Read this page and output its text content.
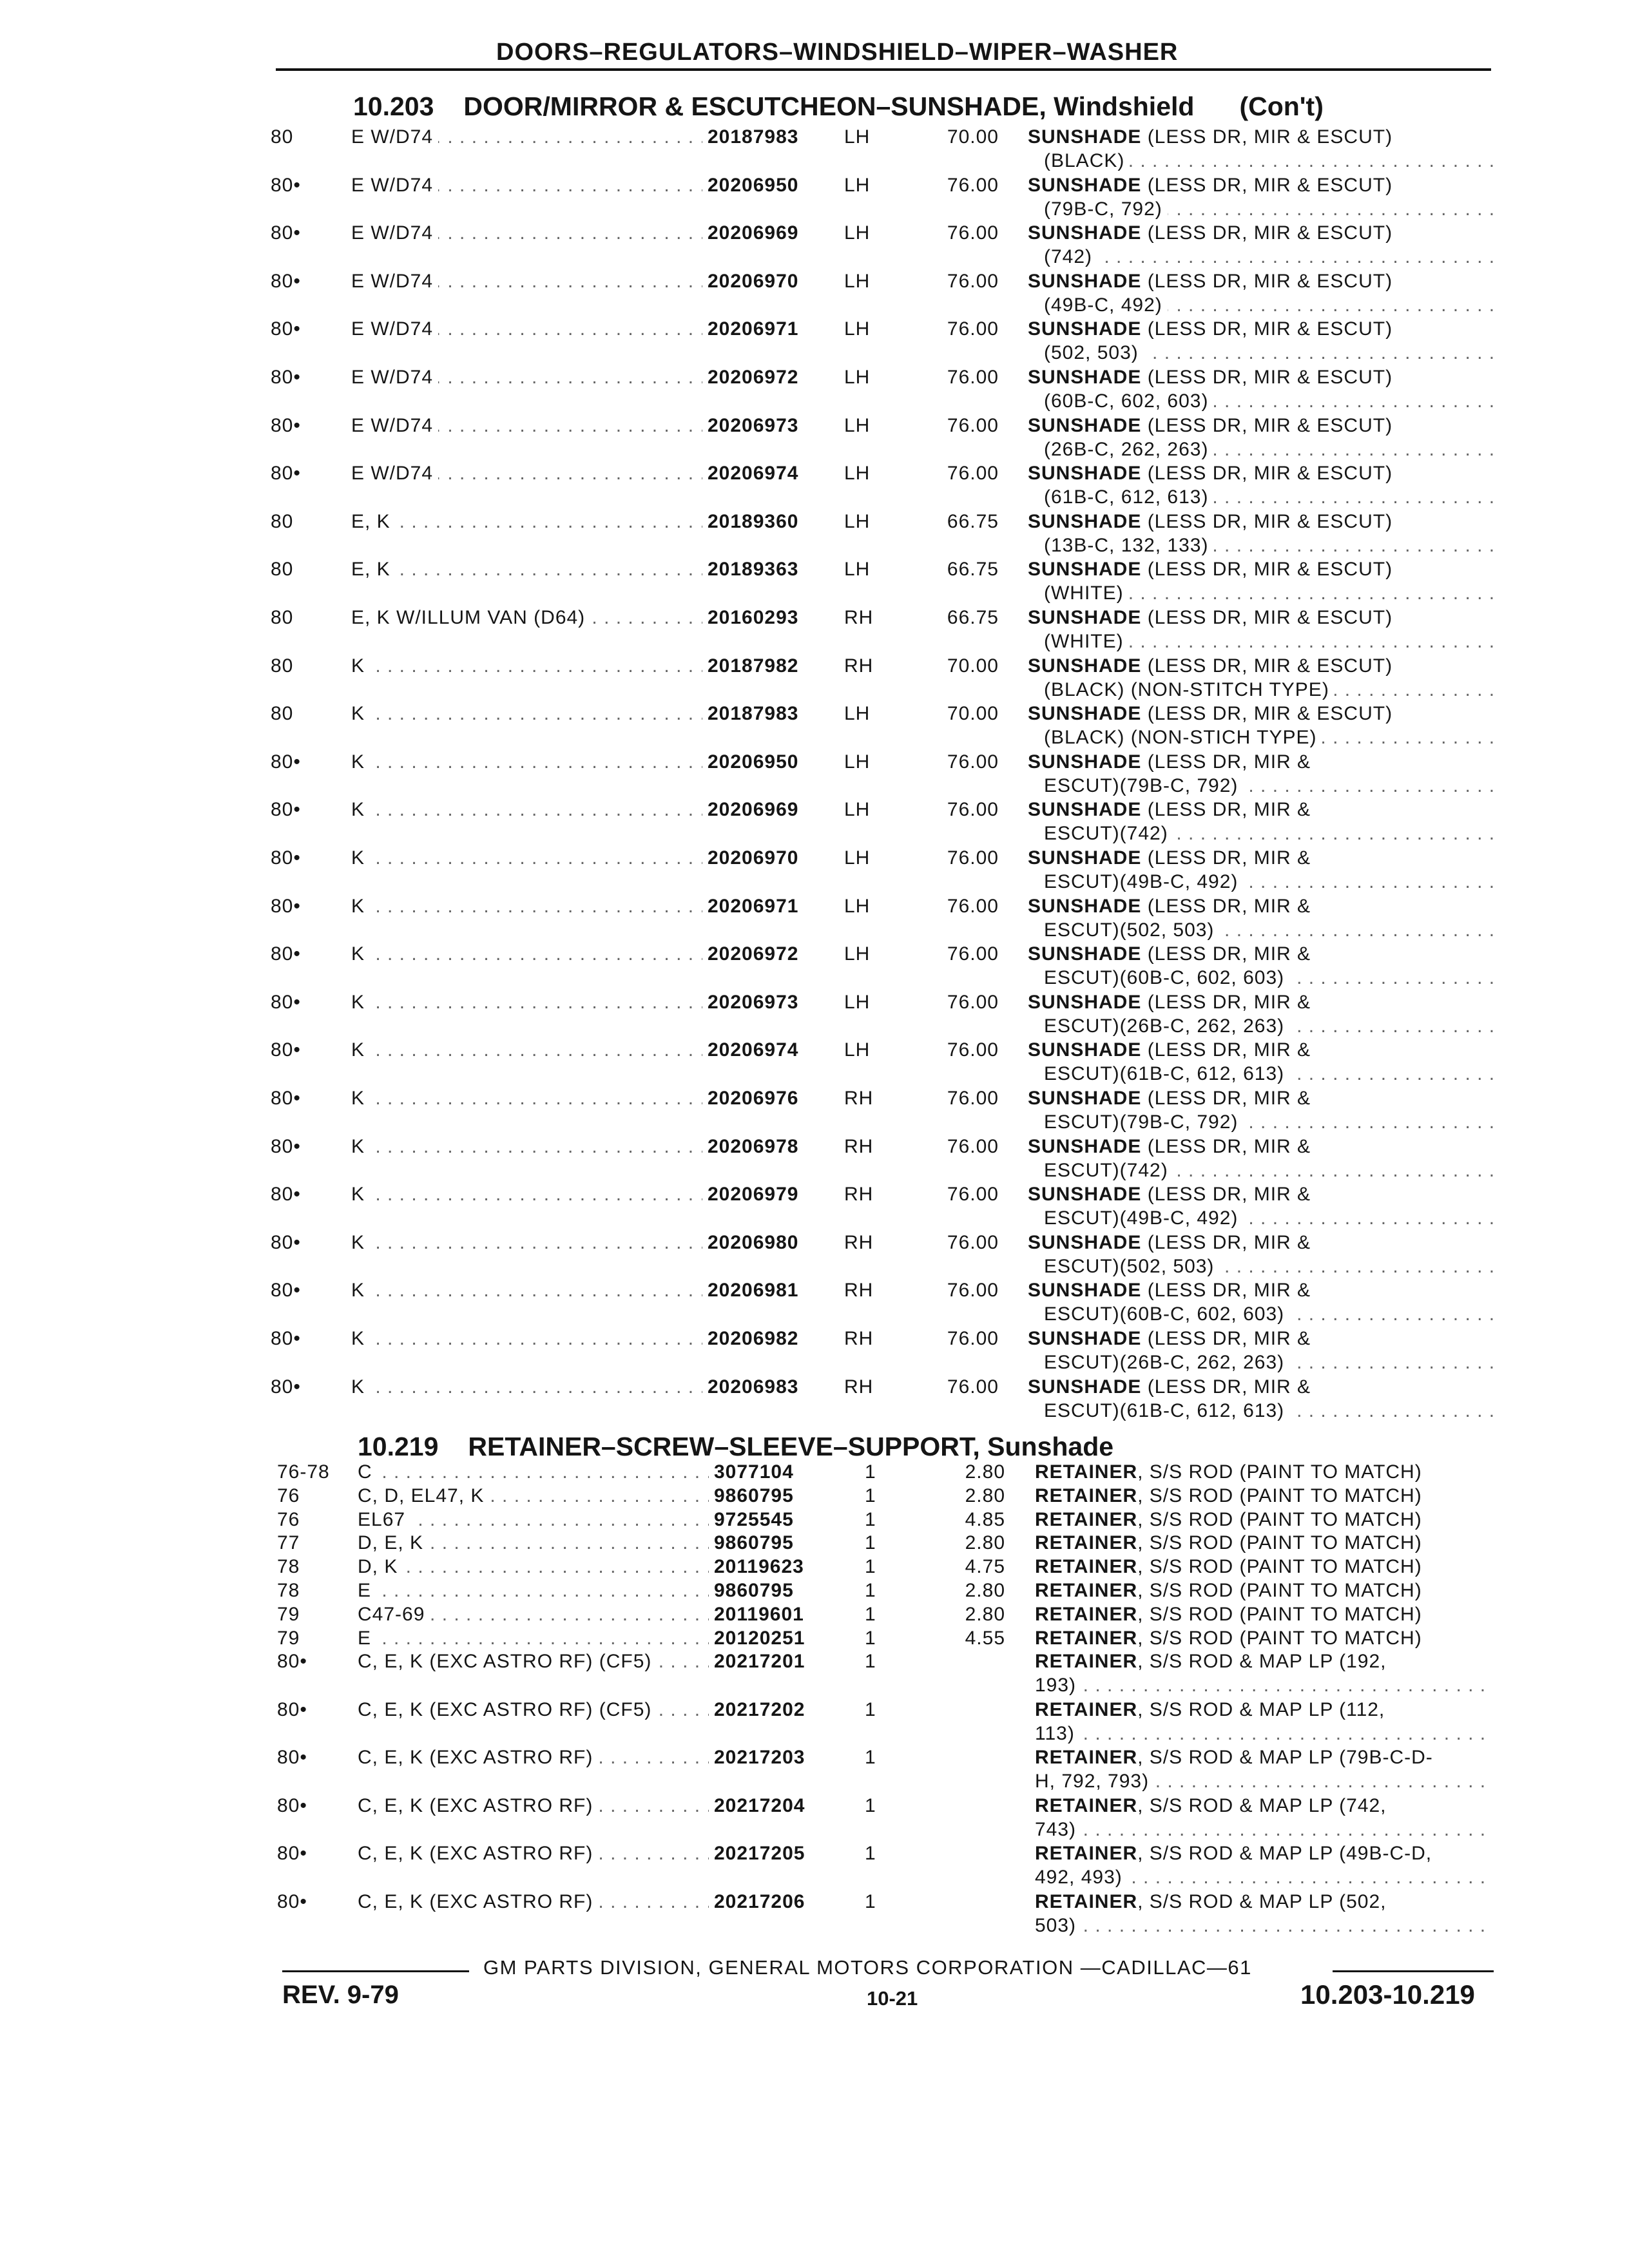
DOORS–REGULATORS–WINDSHIELD–WIPER–WASHER
10.203 DOOR/MIRROR & ESCUTCHEON–SUNSHADE, Windshield (Con't)
80	E W/D74 . . .	20187983 LH	70.00 SUNSHADE (LESS DR, MIR & ESCUT)
(BLACK) . . .
80•	E W/D74 . . .	20206950 LH	76.00 SUNSHADE (LESS DR, MIR & ESCUT)
(79B-C, 792) . . .
80•	E W/D74 . . .	20206969 LH	76.00 SUNSHADE (LESS DR, MIR & ESCUT)
(742) . . .
80•	E W/D74 . . .	20206970 LH	76.00 SUNSHADE (LESS DR, MIR & ESCUT)
(49B-C, 492) . . .
80•	E W/D74 . . .	20206971 LH	76.00 SUNSHADE (LESS DR, MIR & ESCUT)
(502, 503) . . .
80•	E W/D74 . . .	20206972 LH	76.00 SUNSHADE (LESS DR, MIR & ESCUT)
(60B-C, 602, 603) . . .
80•	E W/D74 . . .	20206973 LH	76.00 SUNSHADE (LESS DR, MIR & ESCUT)
(26B-C, 262, 263) . . .
80•	E W/D74 . . .	20206974 LH	76.00 SUNSHADE (LESS DR, MIR & ESCUT)
(61B-C, 612, 613) . . .
80	E, K . . .	20189360 LH	66.75 SUNSHADE (LESS DR, MIR & ESCUT)
(13B-C, 132, 133) . . .
80	E, K . . .	20189363 LH	66.75 SUNSHADE (LESS DR, MIR & ESCUT)
(WHITE) . . .
80	E, K W/ILLUM VAN (D64) . . .	20160293 RH	66.75 SUNSHADE (LESS DR, MIR & ESCUT)
(WHITE) . . .
80	K . . .	20187982 RH	70.00 SUNSHADE (LESS DR, MIR & ESCUT)
(BLACK) (NON-STITCH TYPE) . . .
80	K . . .	20187983 LH	70.00 SUNSHADE (LESS DR, MIR & ESCUT)
(BLACK) (NON-STICH TYPE) . . .
80•	K . . .	20206950 LH	76.00 SUNSHADE (LESS DR, MIR &
ESCUT)(79B-C, 792) . . .
80•	K . . .	20206969 LH	76.00 SUNSHADE (LESS DR, MIR &
ESCUT)(742) . . .
80•	K . . .	20206970 LH	76.00 SUNSHADE (LESS DR, MIR &
ESCUT)(49B-C, 492) . . .
80•	K . . .	20206971 LH	76.00 SUNSHADE (LESS DR, MIR &
ESCUT)(502, 503) . . .
80•	K . . .	20206972 LH	76.00 SUNSHADE (LESS DR, MIR &
ESCUT)(60B-C, 602, 603) . . .
80•	K . . .	20206973 LH	76.00 SUNSHADE (LESS DR, MIR &
ESCUT)(26B-C, 262, 263) . . .
80•	K . . .	20206974 LH	76.00 SUNSHADE (LESS DR, MIR &
ESCUT)(61B-C, 612, 613) . . .
80•	K . . .	20206976 RH	76.00 SUNSHADE (LESS DR, MIR &
ESCUT)(79B-C, 792) . . .
80•	K . . .	20206978 RH	76.00 SUNSHADE (LESS DR, MIR &
ESCUT)(742) . . .
80•	K . . .	20206979 RH	76.00 SUNSHADE (LESS DR, MIR &
ESCUT)(49B-C, 492) . . .
80•	K . . .	20206980 RH	76.00 SUNSHADE (LESS DR, MIR &
ESCUT)(502, 503) . . .
80•	K . . .	20206981 RH	76.00 SUNSHADE (LESS DR, MIR &
ESCUT)(60B-C, 602, 603) . . .
80•	K . . .	20206982 RH	76.00 SUNSHADE (LESS DR, MIR &
ESCUT)(26B-C, 262, 263) . . .
80•	K . . .	20206983 RH	76.00 SUNSHADE (LESS DR, MIR &
ESCUT)(61B-C, 612, 613) . . .
10.219 RETAINER–SCREW–SLEEVE–SUPPORT, Sunshade
76-78	C . . .	3077104	1	2.80 RETAINER, S/S ROD (PAINT TO MATCH)
76	C, D, EL47, K . . .	9860795	1	2.80 RETAINER, S/S ROD (PAINT TO MATCH)
76	EL67 . . .	9725545	1	4.85 RETAINER, S/S ROD (PAINT TO MATCH)
77	D, E, K . . .	9860795	1	2.80 RETAINER, S/S ROD (PAINT TO MATCH)
78	D, K . . .	20119623	1	4.75 RETAINER, S/S ROD (PAINT TO MATCH)
78	E . . .	9860795	1	2.80 RETAINER, S/S ROD (PAINT TO MATCH)
79	C47-69 . . .	20119601	1	2.80 RETAINER, S/S ROD (PAINT TO MATCH)
79	E . . .	20120251	1	4.55 RETAINER, S/S ROD (PAINT TO MATCH)
80•	C, E, K (EXC ASTRO RF) (CF5) . . .	20217201	1	RETAINER, S/S ROD & MAP LP (192,
193) . . .
80•	C, E, K (EXC ASTRO RF) (CF5) . . .	20217202	1	RETAINER, S/S ROD & MAP LP (112,
113) . . .
80•	C, E, K (EXC ASTRO RF) . . .	20217203	1	RETAINER, S/S ROD & MAP LP (79B-C-D-
H, 792, 793) . . .
80•	C, E, K (EXC ASTRO RF) . . .	20217204	1	RETAINER, S/S ROD & MAP LP (742,
743) . . .
80•	C, E, K (EXC ASTRO RF) . . .	20217205	1	RETAINER, S/S ROD & MAP LP (49B-C-D,
492, 493) . . .
80•	C, E, K (EXC ASTRO RF) . . .	20217206	1	RETAINER, S/S ROD & MAP LP (502,
503) . . .
GM PARTS DIVISION, GENERAL MOTORS CORPORATION —CADILLAC—61
REV. 9-79	10-21	10.203-10.219
